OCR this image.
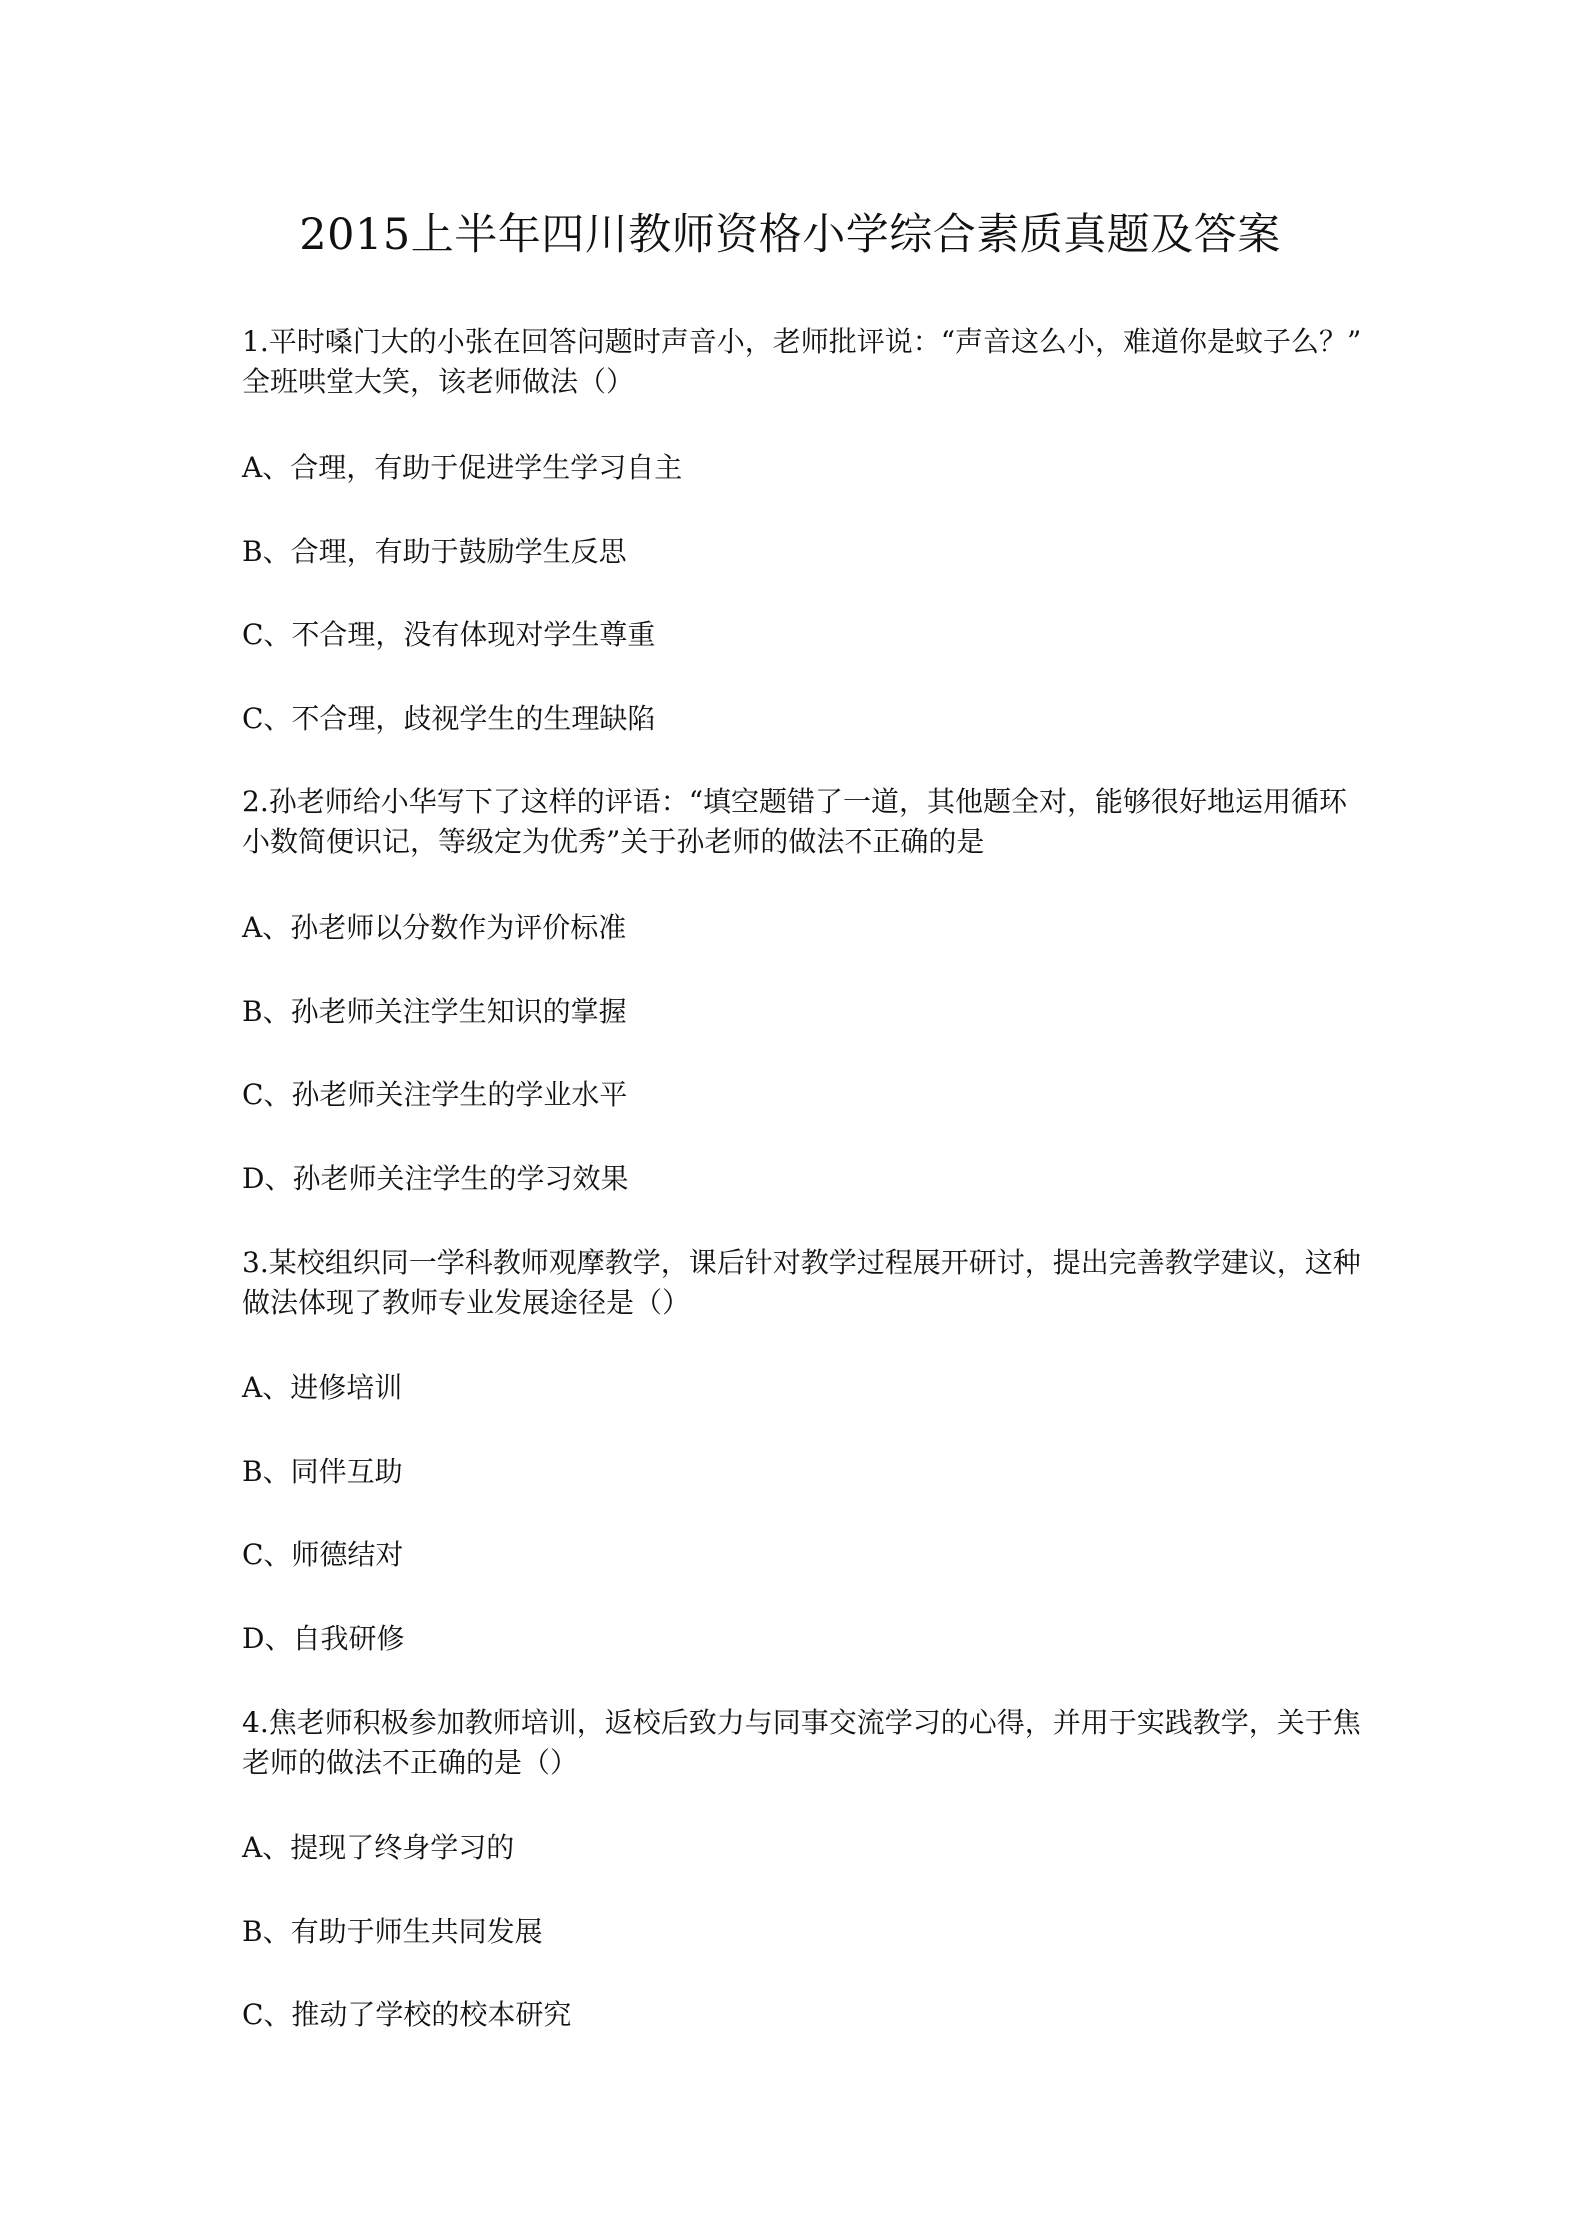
2015上半年四川教师资格小学综合素质真题及答案
1.平时嗓门大的小张在回答问题时声音小，老师批评说：“声音这么小，难道你是蚊子么？”
全班哄堂大笑，该老师做法（）
A、合理，有助于促进学生学习自主
B、合理，有助于鼓励学生反思
C、不合理，没有体现对学生尊重
C、不合理，歧视学生的生理缺陷
2.孙老师给小华写下了这样的评语：“填空题错了一道，其他题全对，能够很好地运用循环
小数简便识记，等级定为优秀”关于孙老师的做法不正确的是
A、孙老师以分数作为评价标准
B、孙老师关注学生知识的掌握
C、孙老师关注学生的学业水平
D、孙老师关注学生的学习效果
3.某校组织同一学科教师观摩教学，课后针对教学过程展开研讨，提出完善教学建议，这种
做法体现了教师专业发展途径是（）
A、进修培训
B、同伴互助
C、师德结对
D、自我研修
4.焦老师积极参加教师培训，返校后致力与同事交流学习的心得，并用于实践教学，关于焦
老师的做法不正确的是（）
A、提现了终身学习的
B、有助于师生共同发展
C、推动了学校的校本研究
